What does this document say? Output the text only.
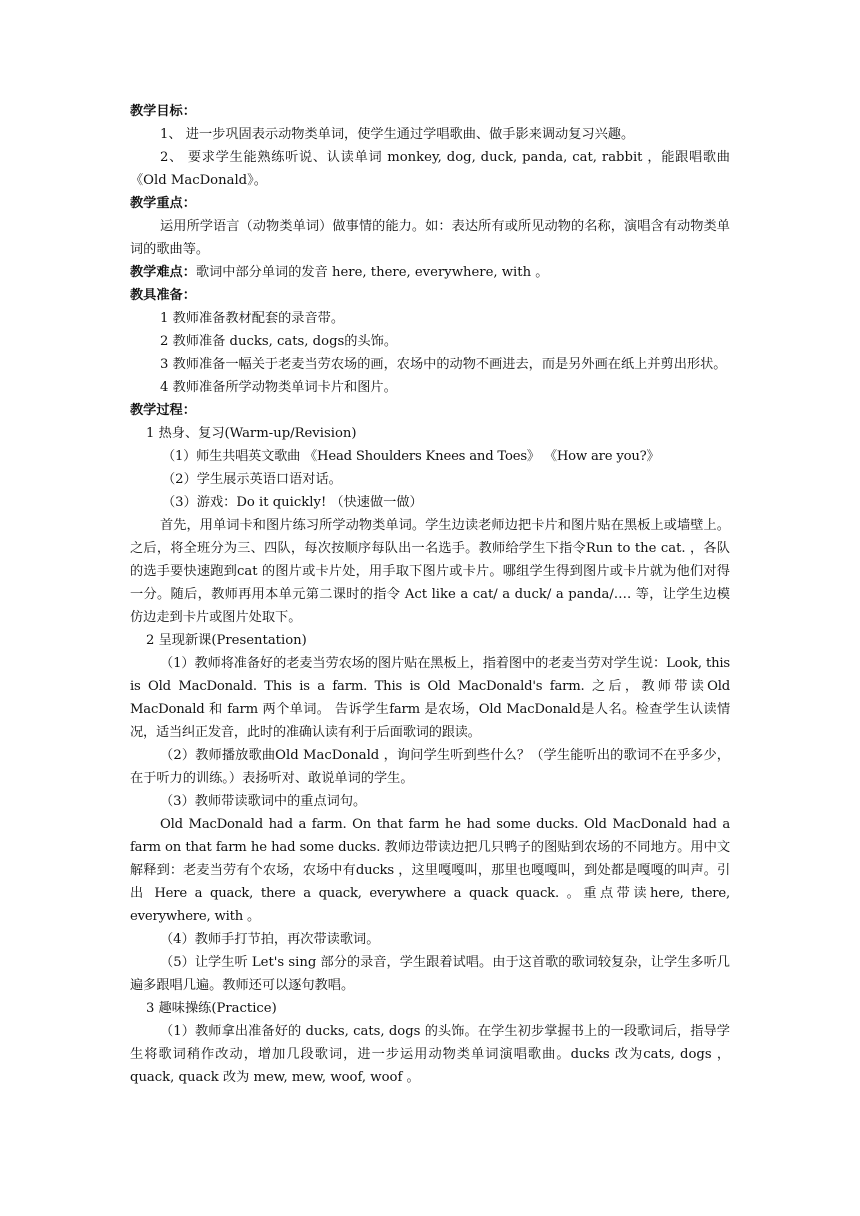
教学目标：

1、 进一步巩固表示动物类单词，使学生通过学唱歌曲、做手影来调动复习兴趣。

2、 要求学生能熟练听说、认读单词 monkey, dog, duck, panda, cat, rabbit ，能跟唱歌曲《Old MacDonald》。

教学重点：

运用所学语言（动物类单词）做事情的能力。如：表达所有或所见动物的名称，演唱含有动物类单词的歌曲等。

教学难点：歌词中部分单词的发音 here, there, everywhere, with 。

教具准备：

1 教师准备教材配套的录音带。

2 教师准备 ducks, cats, dogs的头饰。

3 教师准备一幅关于老麦当劳农场的画，农场中的动物不画进去，而是另外画在纸上并剪出形状。

4 教师准备所学动物类单词卡片和图片。

教学过程：

1 热身、复习(Warm-up/Revision)

（1）师生共唱英文歌曲 《Head Shoulders Knees and Toes》 《How are you?》

（2）学生展示英语口语对话。

（3）游戏：Do it quickly! （快速做一做）

首先，用单词卡和图片练习所学动物类单词。学生边读老师边把卡片和图片贴在黑板上或墙壁上。之后，将全班分为三、四队，每次按顺序每队出一名选手。教师给学生下指令Run to the cat. ，各队的选手要快速跑到cat 的图片或卡片处，用手取下图片或卡片。哪组学生得到图片或卡片就为他们对得一分。随后，教师再用本单元第二课时的指令 Act like a cat/ a duck/ a panda/…. 等，让学生边模仿边走到卡片或图片处取下。

2 呈现新课(Presentation)

（1）教师将准备好的老麦当劳农场的图片贴在黑板上，指着图中的老麦当劳对学生说：Look, this is Old MacDonald. This is a farm. This is Old MacDonald's farm. 之后，教师带读Old MacDonald 和 farm 两个单词。 告诉学生farm 是农场，Old MacDonald是人名。检查学生认读情况，适当纠正发音，此时的准确认读有利于后面歌词的跟读。

（2）教师播放歌曲Old MacDonald ，询问学生听到些什么？（学生能听出的歌词不在乎多少，在于听力的训练。）表扬听对、敢说单词的学生。

（3）教师带读歌词中的重点词句。

Old MacDonald had a farm. On that farm he had some ducks. Old MacDonald had a farm on that farm he had some ducks. 教师边带读边把几只鸭子的图贴到农场的不同地方。用中文解释到：老麦当劳有个农场，农场中有ducks ，这里嘎嘎叫，那里也嘎嘎叫，到处都是嘎嘎的叫声。引出 Here a quack, there a quack, everywhere a quack quack. 。重点带读here, there, everywhere, with 。

（4）教师手打节拍，再次带读歌词。

（5）让学生听 Let's sing 部分的录音，学生跟着试唱。由于这首歌的歌词较复杂，让学生多听几遍多跟唱几遍。教师还可以逐句教唱。

3 趣味操练(Practice)

（1）教师拿出准备好的 ducks, cats, dogs 的头饰。在学生初步掌握书上的一段歌词后，指导学生将歌词稍作改动，增加几段歌词，进一步运用动物类单词演唱歌曲。ducks 改为cats, dogs ，quack, quack 改为 mew, mew, woof, woof 。
